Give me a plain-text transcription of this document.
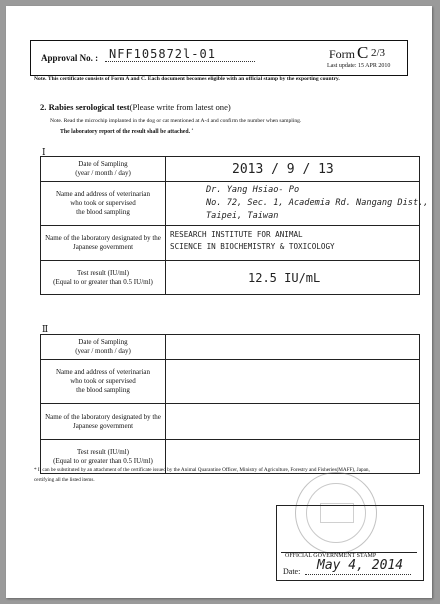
Approval No. : NFF105872l-01	Form C 2/3
Last update: 15 APR 2010
Note. This certificate consists of Form A and C. Each document becomes eligible with an official stamp by the exporting country.
2. Rabies serological test(Please write from latest one)
Note. Read the microchip implanted in the dog or cat mentioned at A-4 and confirm the number when sampling.
The laboratory report of the result shall be attached. ˚
Ⅰ
Date of Sampling
(year / month / day)	2013 / 9 / 13

Name and address of veterinarian
who took or supervised
the blood sampling	Dr. Yang Hsiao- Po
No. 72, Sec. 1, Academia Rd. Nangang Dist.,
Taipei, Taiwan

Name of the laboratory designated by the
Japanese government	RESEARCH INSTITUTE FOR ANIMAL
SCIENCE IN BIOCHEMISTRY & TOXICOLOGY

Test result (IU/ml)
(Equal to or greater than 0.5 IU/ml)	12.5 IU/mL
Ⅱ
Date of Sampling
(year / month / day)	
Name and address of veterinarian
who took or supervised
the blood sampling	
Name of the laboratory designated by the
Japanese government	
Test result (IU/ml)
(Equal to or greater than 0.5 IU/ml)	
* It can be substituted by an attachment of the certificate issued by the Animal Quarantine Officer, Ministry of Agriculture, Forestry and Fisheries(MAFF), Japan, certifying all the listed items.
OFFICIAL GOVERNMENT STAMP
Date: May 4, 2014
